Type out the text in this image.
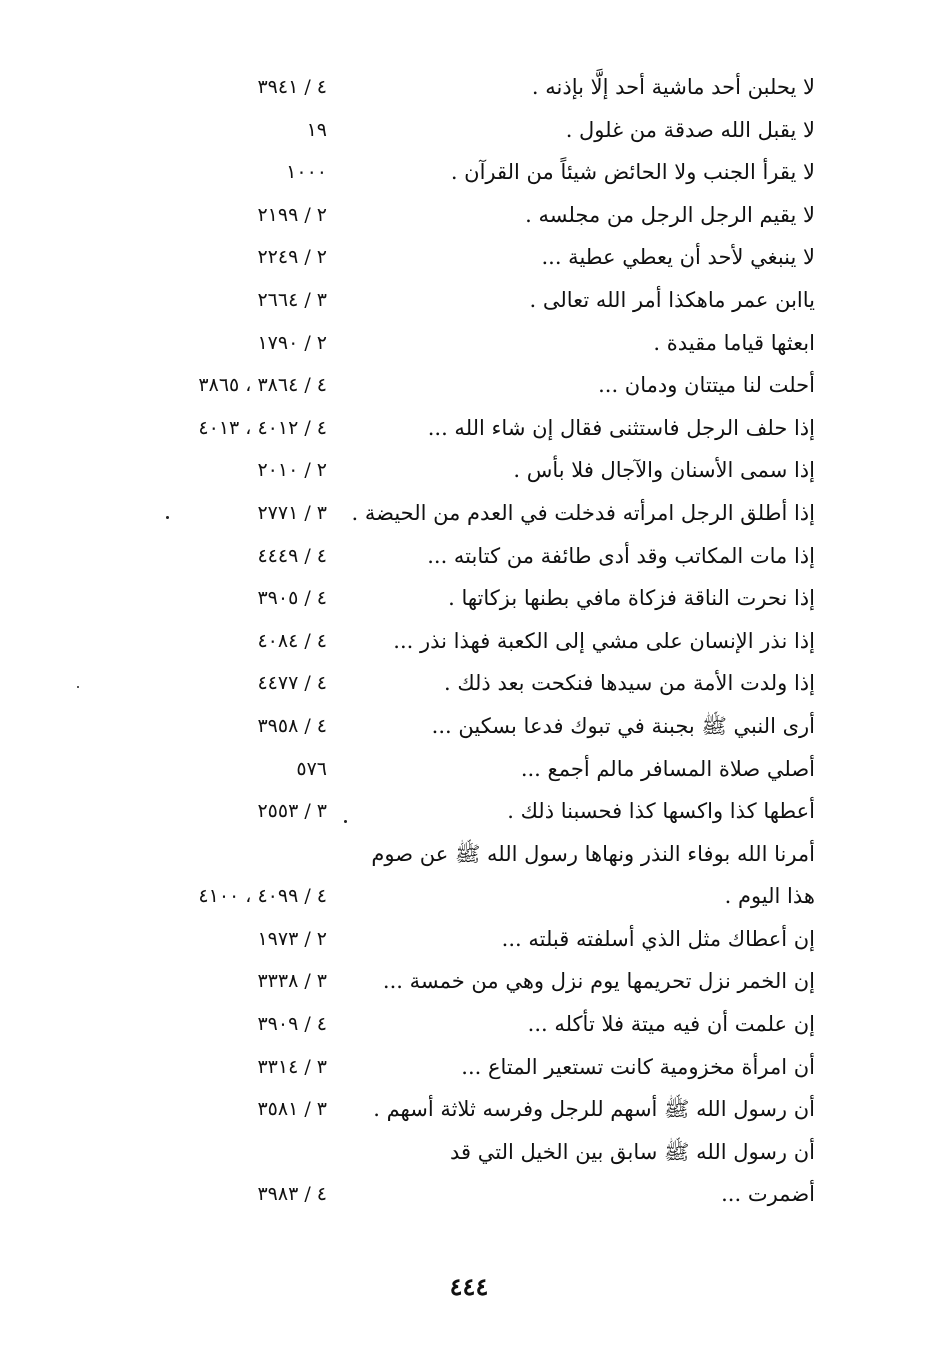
لا يحلبن أحد ماشية أحد إلَّا بإذنه .
٤ / ٣٩٤١
لا يقبل الله صدقة من غلول .
١٩
لا يقرأ الجنب ولا الحائض شيئاً من القرآن .
١٠٠٠
لا يقيم الرجل الرجل من مجلسه .
٢ / ٢١٩٩
لا ينبغي لأحد أن يعطي عطية ...
٢ / ٢٢٤٩
ياابن عمر ماهكذا أمر الله تعالى .
٣ / ٢٦٦٤
ابعثها قياما مقيدة .
٢ / ١٧٩٠
أحلت لنا ميتتان ودمان ...
٤ / ٣٨٦٤ ، ٣٨٦٥
إذا حلف الرجل فاستثنى فقال إن شاء الله ...
٤ / ٤٠١٢ ، ٤٠١٣
إذا سمى الأسنان والآجال فلا بأس .
٢ / ٢٠١٠
إذا أطلق الرجل امرأته فدخلت في العدم من الحيضة .
٣ / ٢٧٧١
إذا مات المكاتب وقد أدى طائفة من كتابته ...
٤ / ٤٤٤٩
إذا نحرت الناقة فزكاة مافي بطنها بزكاتها .
٤ / ٣٩٠٥
إذا نذر الإنسان على مشي إلى الكعبة فهذا نذر ...
٤ / ٤٠٨٤
إذا ولدت الأمة من سيدها فنكحت بعد ذلك .
٤ / ٤٤٧٧
أرى النبي ﷺ بجبنة في تبوك فدعا بسكين ...
٤ / ٣٩٥٨
أصلي صلاة المسافر مالم أجمع ...
٥٧٦
أعطها كذا واكسها كذا فحسبنا ذلك .
٣ / ٢٥٥٣
أمرنا الله بوفاء النذر ونهاها رسول الله ﷺ عن صوم
هذا اليوم .
٤ / ٤٠٩٩ ، ٤١٠٠
إن أعطاك مثل الذي أسلفته قبلته ...
٢ / ١٩٧٣
إن الخمر نزل تحريمها يوم نزل وهي من خمسة ...
٣ / ٣٣٣٨
إن علمت أن فيه ميتة فلا تأكله ...
٤ / ٣٩٠٩
أن امرأة مخزومية كانت تستعير المتاع ...
٣ / ٣٣١٤
أن رسول الله ﷺ أسهم للرجل وفرسه ثلاثة أسهم .
٣ / ٣٥٨١
أن رسول الله ﷺ سابق بين الخيل التي قد
أضمرت ...
٤ / ٣٩٨٣
٤٤٤
